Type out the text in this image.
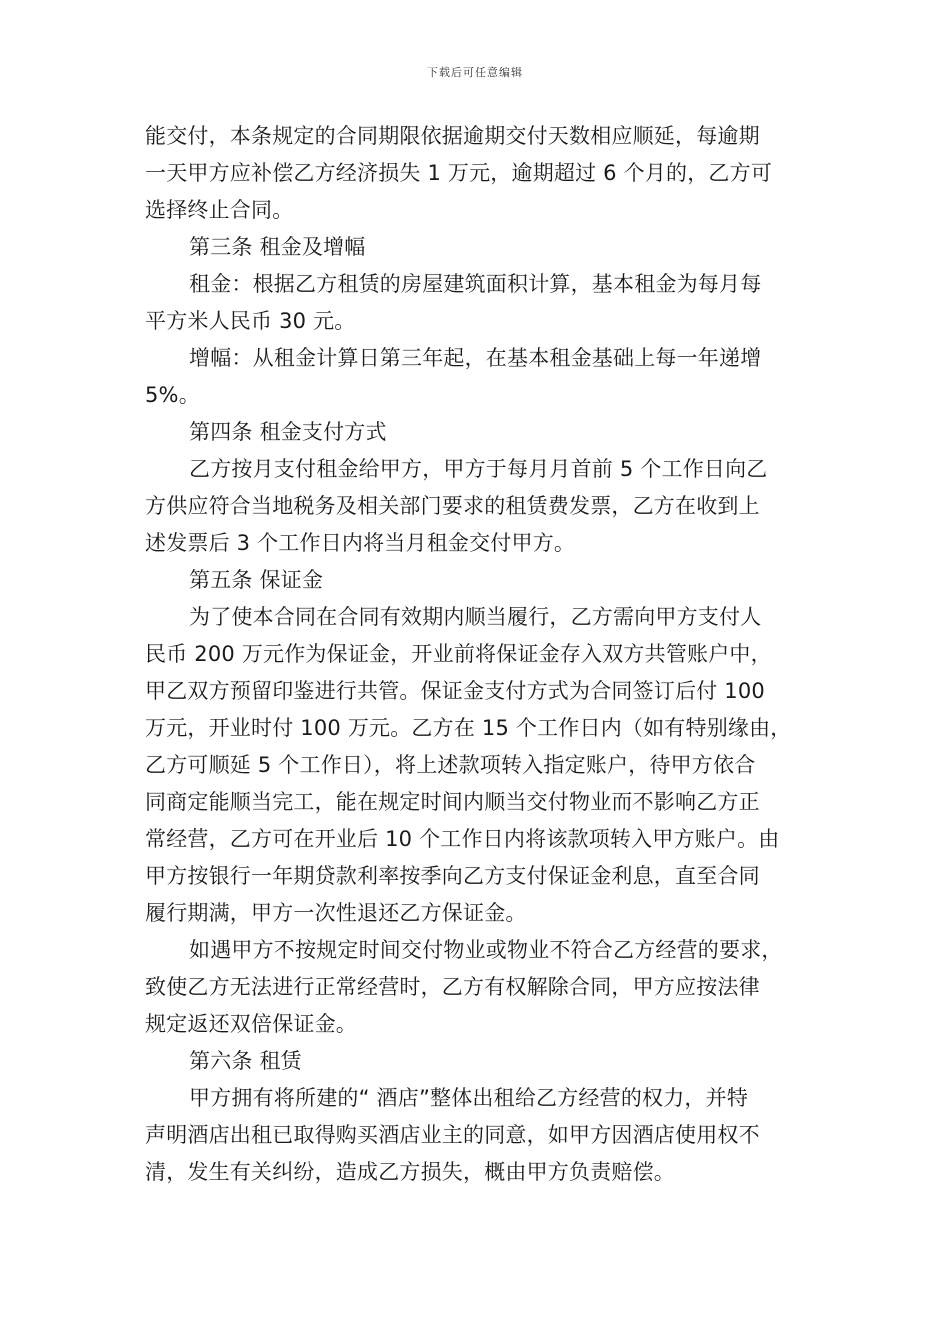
下载后可任意编辑
能交付，本条规定的合同期限依据逾期交付天数相应顺延，每逾期
一天甲方应补偿乙方经济损失 1 万元，逾期超过 6 个月的，乙方可
选择终止合同。
第三条 租金及增幅
租金：根据乙方租赁的房屋建筑面积计算，基本租金为每月每
平方米人民币 30 元。
增幅：从租金计算日第三年起，在基本租金基础上每一年递增
5%。
第四条 租金支付方式
乙方按月支付租金给甲方，甲方于每月月首前 5 个工作日向乙
方供应符合当地税务及相关部门要求的租赁费发票，乙方在收到上
述发票后 3 个工作日内将当月租金交付甲方。
第五条 保证金
为了使本合同在合同有效期内顺当履行，乙方需向甲方支付人
民币 200 万元作为保证金，开业前将保证金存入双方共管账户中，
甲乙双方预留印鉴进行共管。保证金支付方式为合同签订后付 100
万元，开业时付 100 万元。乙方在 15 个工作日内（如有特别缘由，
乙方可顺延 5 个工作日），将上述款项转入指定账户，待甲方依合
同商定能顺当完工，能在规定时间内顺当交付物业而不影响乙方正
常经营，乙方可在开业后 10 个工作日内将该款项转入甲方账户。由
甲方按银行一年期贷款利率按季向乙方支付保证金利息，直至合同
履行期满，甲方一次性退还乙方保证金。
如遇甲方不按规定时间交付物业或物业不符合乙方经营的要求，
致使乙方无法进行正常经营时，乙方有权解除合同，甲方应按法律
规定返还双倍保证金。
第六条 租赁
甲方拥有将所建的“ 酒店”整体出租给乙方经营的权力，并特
声明酒店出租已取得购买酒店业主的同意，如甲方因酒店使用权不
清，发生有关纠纷，造成乙方损失，概由甲方负责赔偿。
